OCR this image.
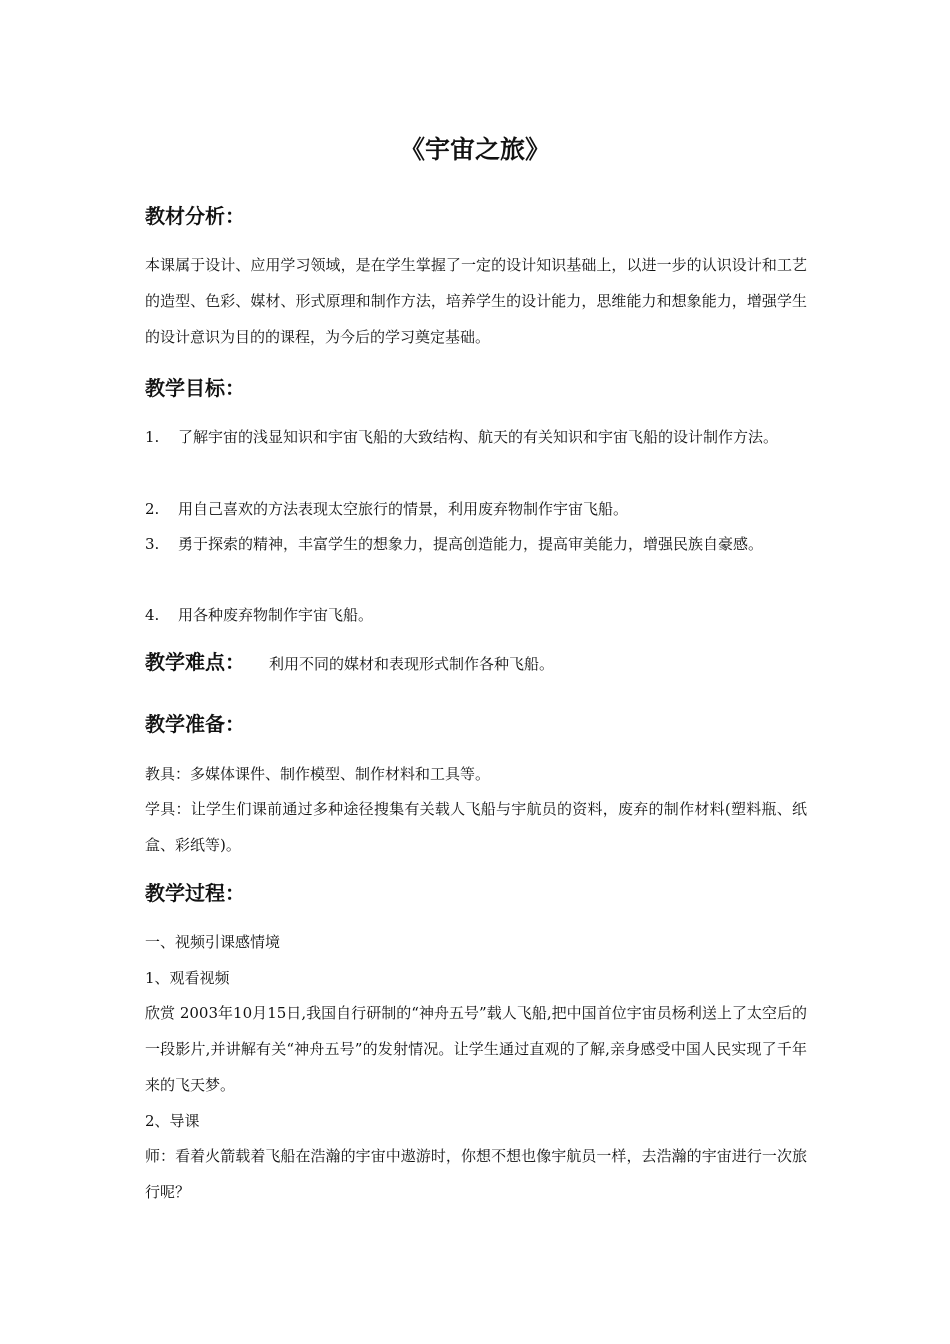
《宇宙之旅》
教材分析：
本课属于设计、应用学习领域，是在学生掌握了一定的设计知识基础上，以进一步的认识设计和工艺的造型、色彩、媒材、形式原理和制作方法，培养学生的设计能力，思维能力和想象能力，增强学生的设计意识为目的的课程，为今后的学习奠定基础。
教学目标：
1.	了解宇宙的浅显知识和宇宙飞船的大致结构、航天的有关知识和宇宙飞船的设计制作方法。
2.	用自己喜欢的方法表现太空旅行的情景，利用废弃物制作宇宙飞船。
3.	勇于探索的精神，丰富学生的想象力，提高创造能力，提高审美能力，增强民族自豪感。
4.	用各种废弃物制作宇宙飞船。
教学难点： 利用不同的媒材和表现形式制作各种飞船。
教学准备：
教具：多媒体课件、制作模型、制作材料和工具等。
学具：让学生们课前通过多种途径搜集有关载人飞船与宇航员的资料，废弃的制作材料(塑料瓶、纸盒、彩纸等)。
教学过程：
一、视频引课感情境
1、观看视频
欣赏 2003年10月15日,我国自行研制的“神舟五号”载人飞船,把中国首位宇宙员杨利送上了太空后的一段影片,并讲解有关“神舟五号”的发射情况。让学生通过直观的了解,亲身感受中国人民实现了千年来的飞天梦。
2、导课
师：看着火箭载着飞船在浩瀚的宇宙中遨游时，你想不想也像宇航员一样，去浩瀚的宇宙进行一次旅行呢？
